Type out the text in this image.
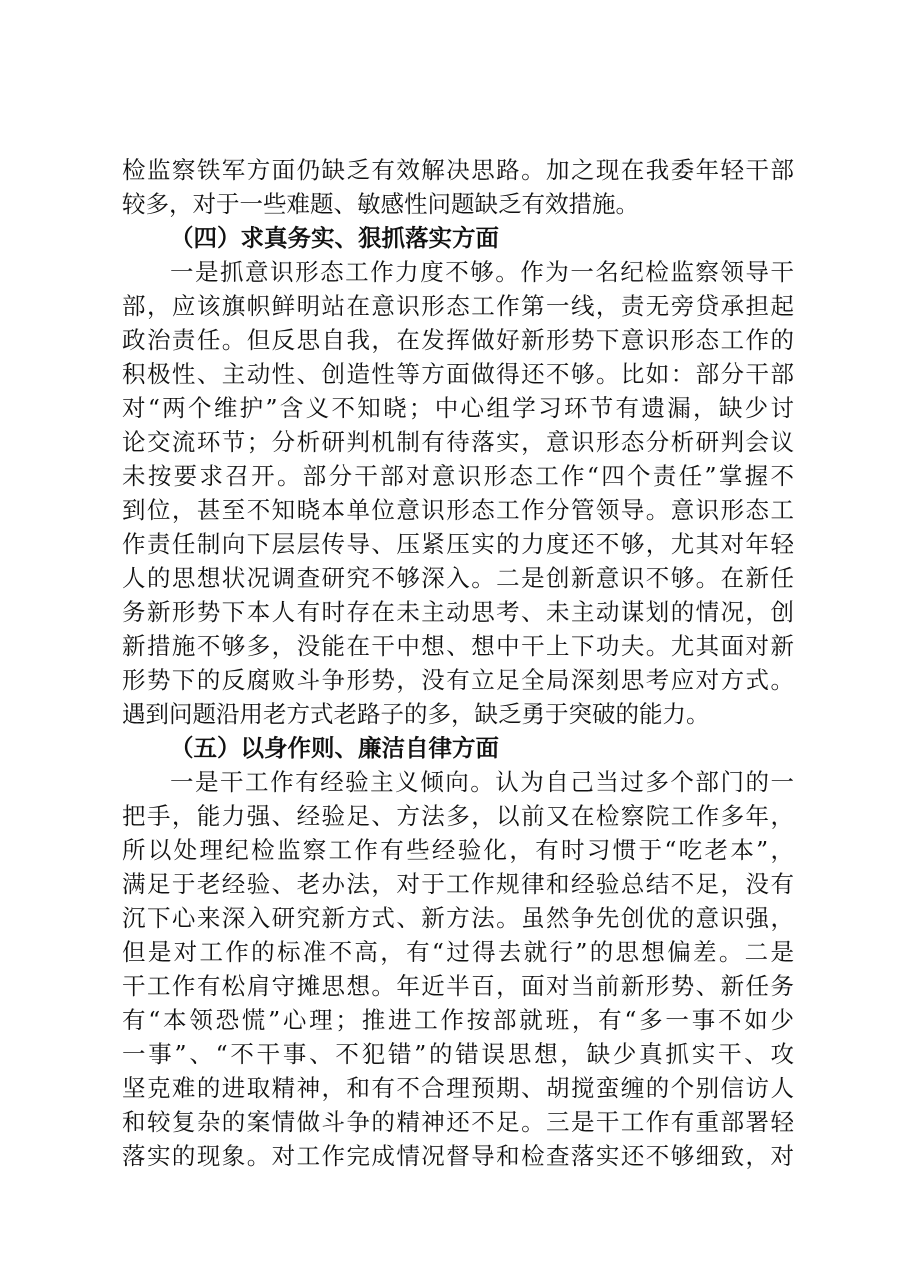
检监察铁军方面仍缺乏有效解决思路。加之现在我委年轻干部
较多，对于一些难题、敏感性问题缺乏有效措施。
（四）求真务实、狠抓落实方面
一是抓意识形态工作力度不够。作为一名纪检监察领导干
部，应该旗帜鲜明站在意识形态工作第一线，责无旁贷承担起
政治责任。但反思自我，在发挥做好新形势下意识形态工作的
积极性、主动性、创造性等方面做得还不够。比如：部分干部
对“两个维护”含义不知晓；中心组学习环节有遗漏，缺少讨
论交流环节；分析研判机制有待落实，意识形态分析研判会议
未按要求召开。部分干部对意识形态工作“四个责任”掌握不
到位，甚至不知晓本单位意识形态工作分管领导。意识形态工
作责任制向下层层传导、压紧压实的力度还不够，尤其对年轻
人的思想状况调查研究不够深入。二是创新意识不够。在新任
务新形势下本人有时存在未主动思考、未主动谋划的情况，创
新措施不够多，没能在干中想、想中干上下功夫。尤其面对新
形势下的反腐败斗争形势，没有立足全局深刻思考应对方式。
遇到问题沿用老方式老路子的多，缺乏勇于突破的能力。
（五）以身作则、廉洁自律方面
一是干工作有经验主义倾向。认为自己当过多个部门的一
把手，能力强、经验足、方法多，以前又在检察院工作多年，
所以处理纪检监察工作有些经验化，有时习惯于“吃老本”，
满足于老经验、老办法，对于工作规律和经验总结不足，没有
沉下心来深入研究新方式、新方法。虽然争先创优的意识强，
但是对工作的标准不高，有“过得去就行”的思想偏差。二是
干工作有松肩守摊思想。年近半百，面对当前新形势、新任务
有“本领恐慌”心理；推进工作按部就班，有“多一事不如少
一事”、“不干事、不犯错”的错误思想，缺少真抓实干、攻
坚克难的进取精神，和有不合理预期、胡搅蛮缠的个别信访人
和较复杂的案情做斗争的精神还不足。三是干工作有重部署轻
落实的现象。对工作完成情况督导和检查落实还不够细致，对
